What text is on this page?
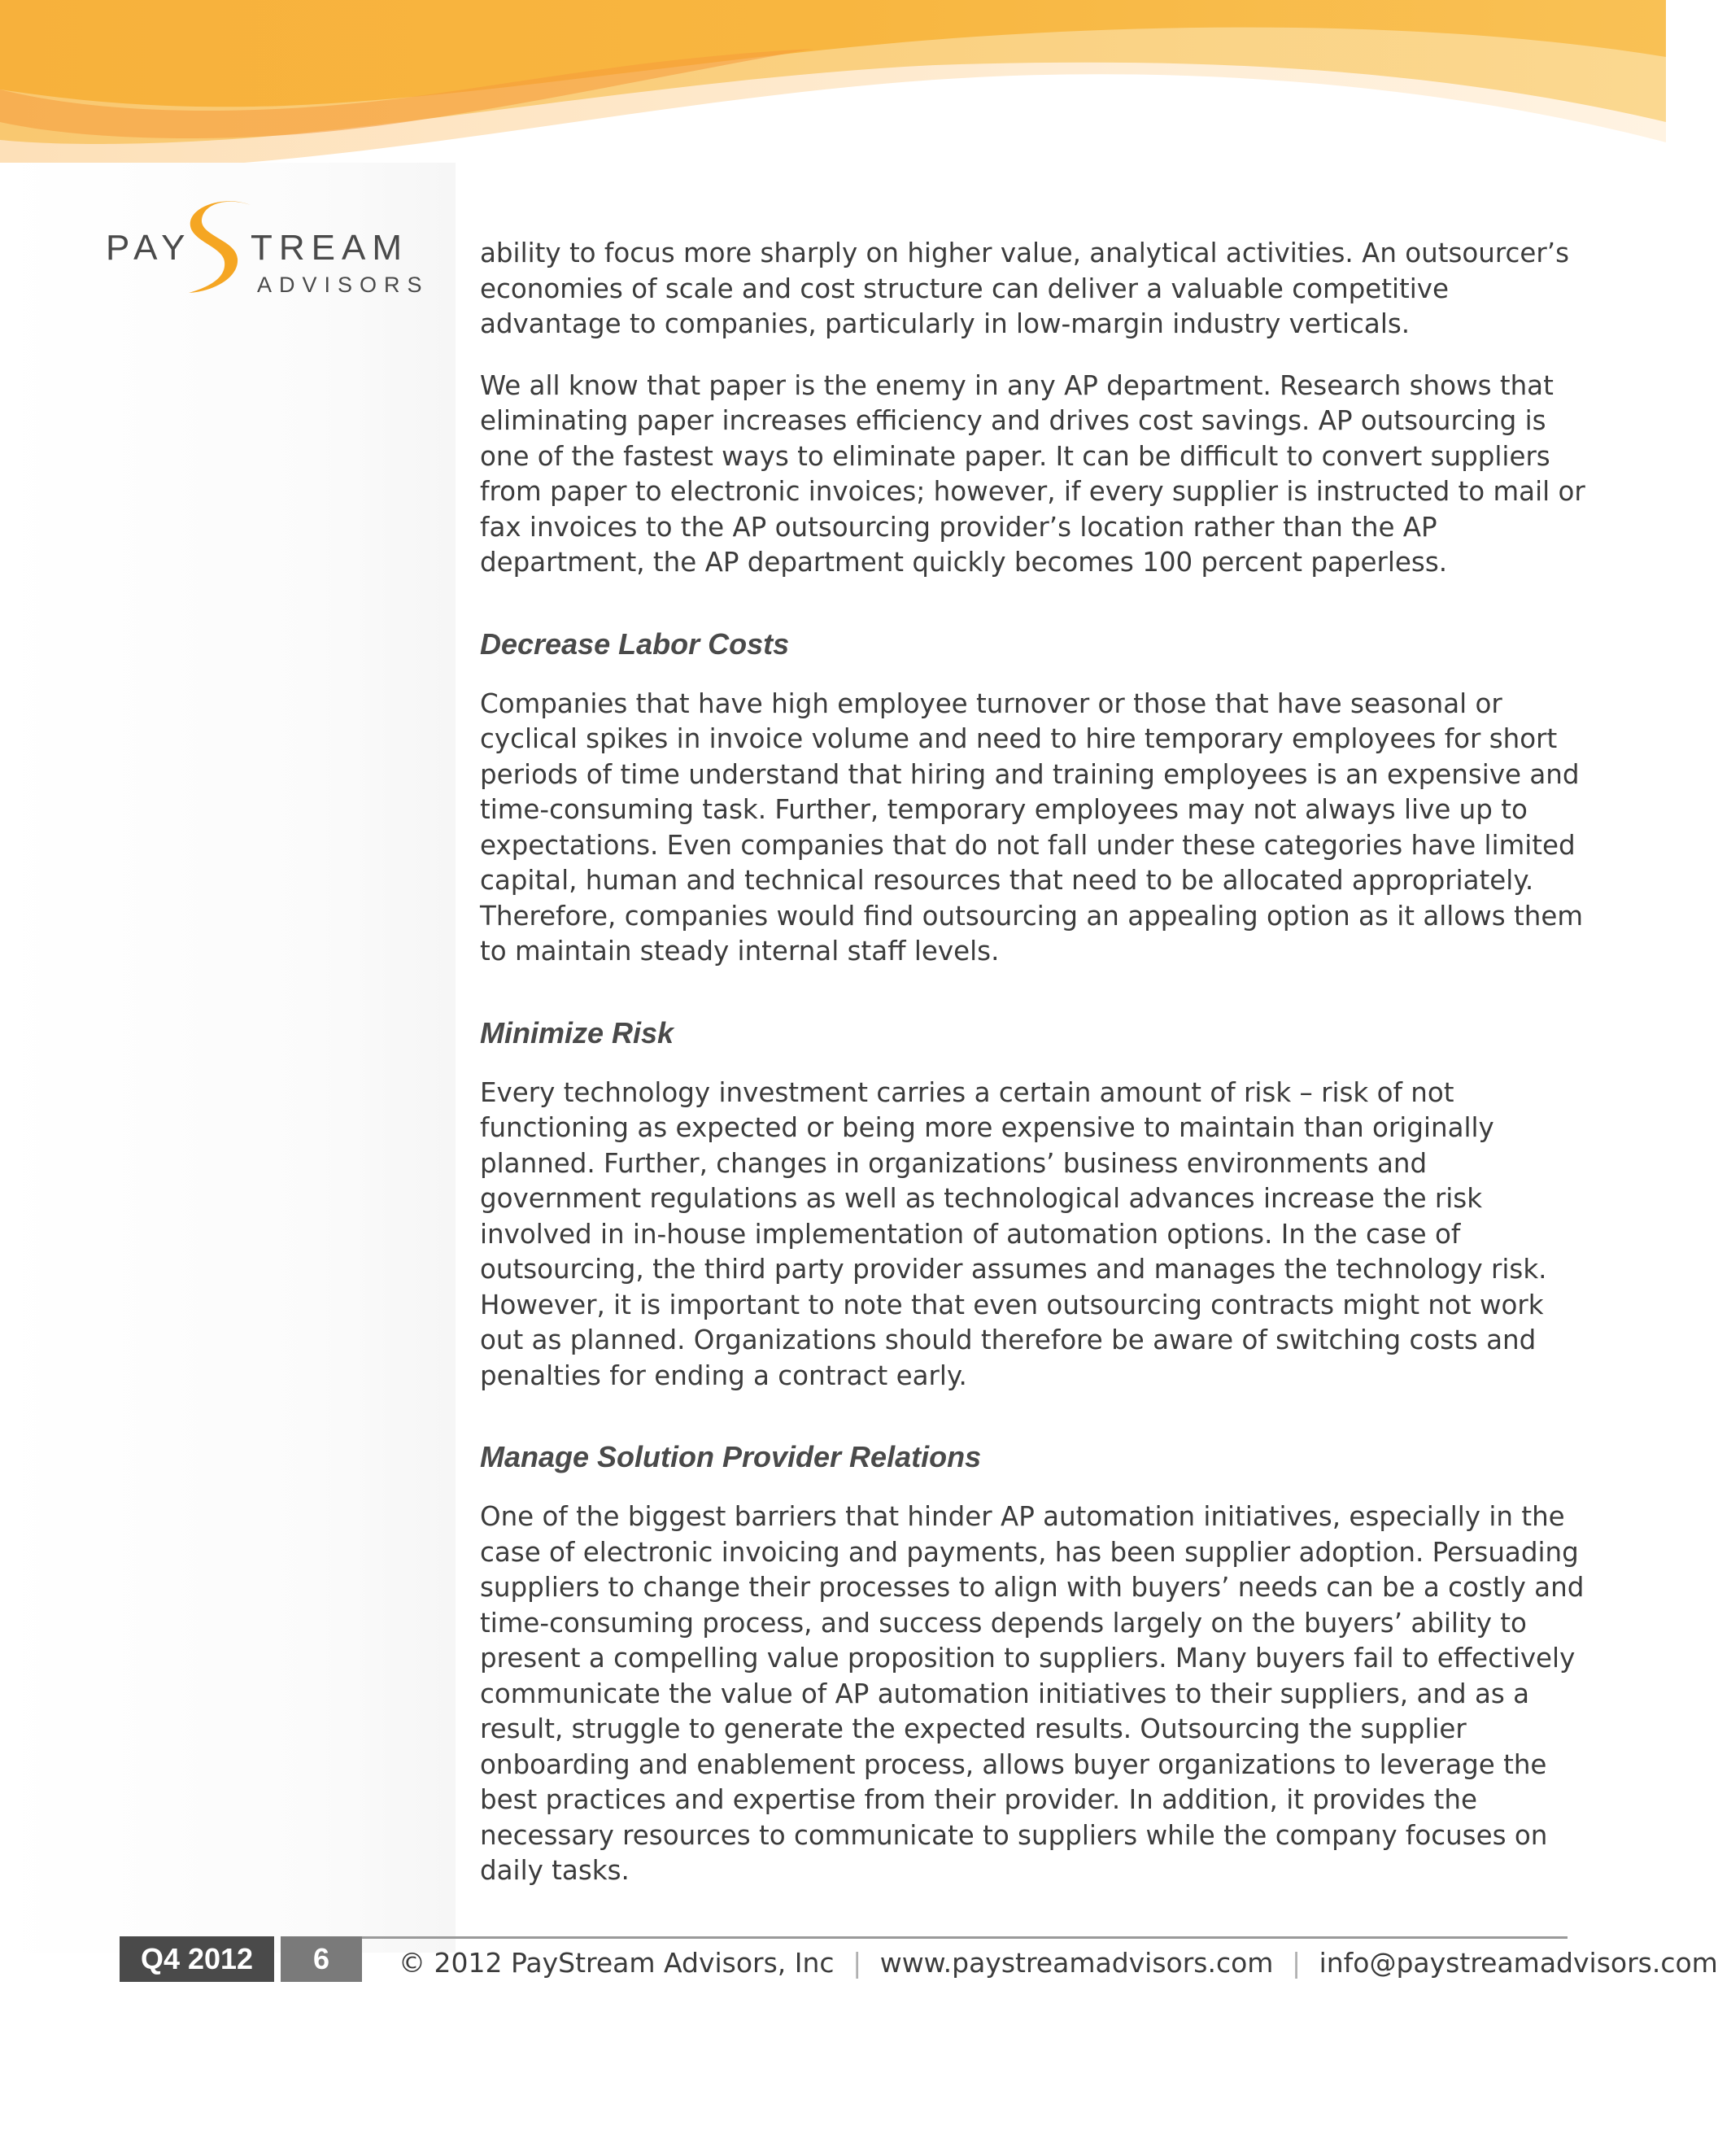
PAY TREAM
ADVISORS

ability to focus more sharply on higher value, analytical activities. An outsourcer’s economies of scale and cost structure can deliver a valuable competitive advantage to companies, particularly in low-margin industry verticals.

We all know that paper is the enemy in any AP department. Research shows that eliminating paper increases efficiency and drives cost savings. AP outsourcing is one of the fastest ways to eliminate paper. It can be difficult to convert suppliers from paper to electronic invoices; however, if every supplier is instructed to mail or fax invoices to the AP outsourcing provider’s location rather than the AP department, the AP department quickly becomes 100 percent paperless.

Decrease Labor Costs

Companies that have high employee turnover or those that have seasonal or cyclical spikes in invoice volume and need to hire temporary employees for short periods of time understand that hiring and training employees is an expensive and time-consuming task. Further, temporary employees may not always live up to expectations. Even companies that do not fall under these categories have limited capital, human and technical resources that need to be allocated appropriately. Therefore, companies would find outsourcing an appealing option as it allows them to maintain steady internal staff levels.

Minimize Risk

Every technology investment carries a certain amount of risk – risk of not functioning as expected or being more expensive to maintain than originally planned. Further, changes in organizations’ business environments and government regulations as well as technological advances increase the risk involved in in-house implementation of automation options. In the case of outsourcing, the third party provider assumes and manages the technology risk. However, it is important to note that even outsourcing contracts might not work out as planned. Organizations should therefore be aware of switching costs and penalties for ending a contract early.

Manage Solution Provider Relations

One of the biggest barriers that hinder AP automation initiatives, especially in the case of electronic invoicing and payments, has been supplier adoption. Persuading suppliers to change their processes to align with buyers’ needs can be a costly and time-consuming process, and success depends largely on the buyers’ ability to present a compelling value proposition to suppliers. Many buyers fail to effectively communicate the value of AP automation initiatives to their suppliers, and as a result, struggle to generate the expected results. Outsourcing the supplier onboarding and enablement process, allows buyer organizations to leverage the best practices and expertise from their provider. In addition, it provides the necessary resources to communicate to suppliers while the company focuses on daily tasks.

Q4 2012	6	© 2012 PayStream Advisors, Inc | www.paystreamadvisors.com | info@paystreamadvisors.com
